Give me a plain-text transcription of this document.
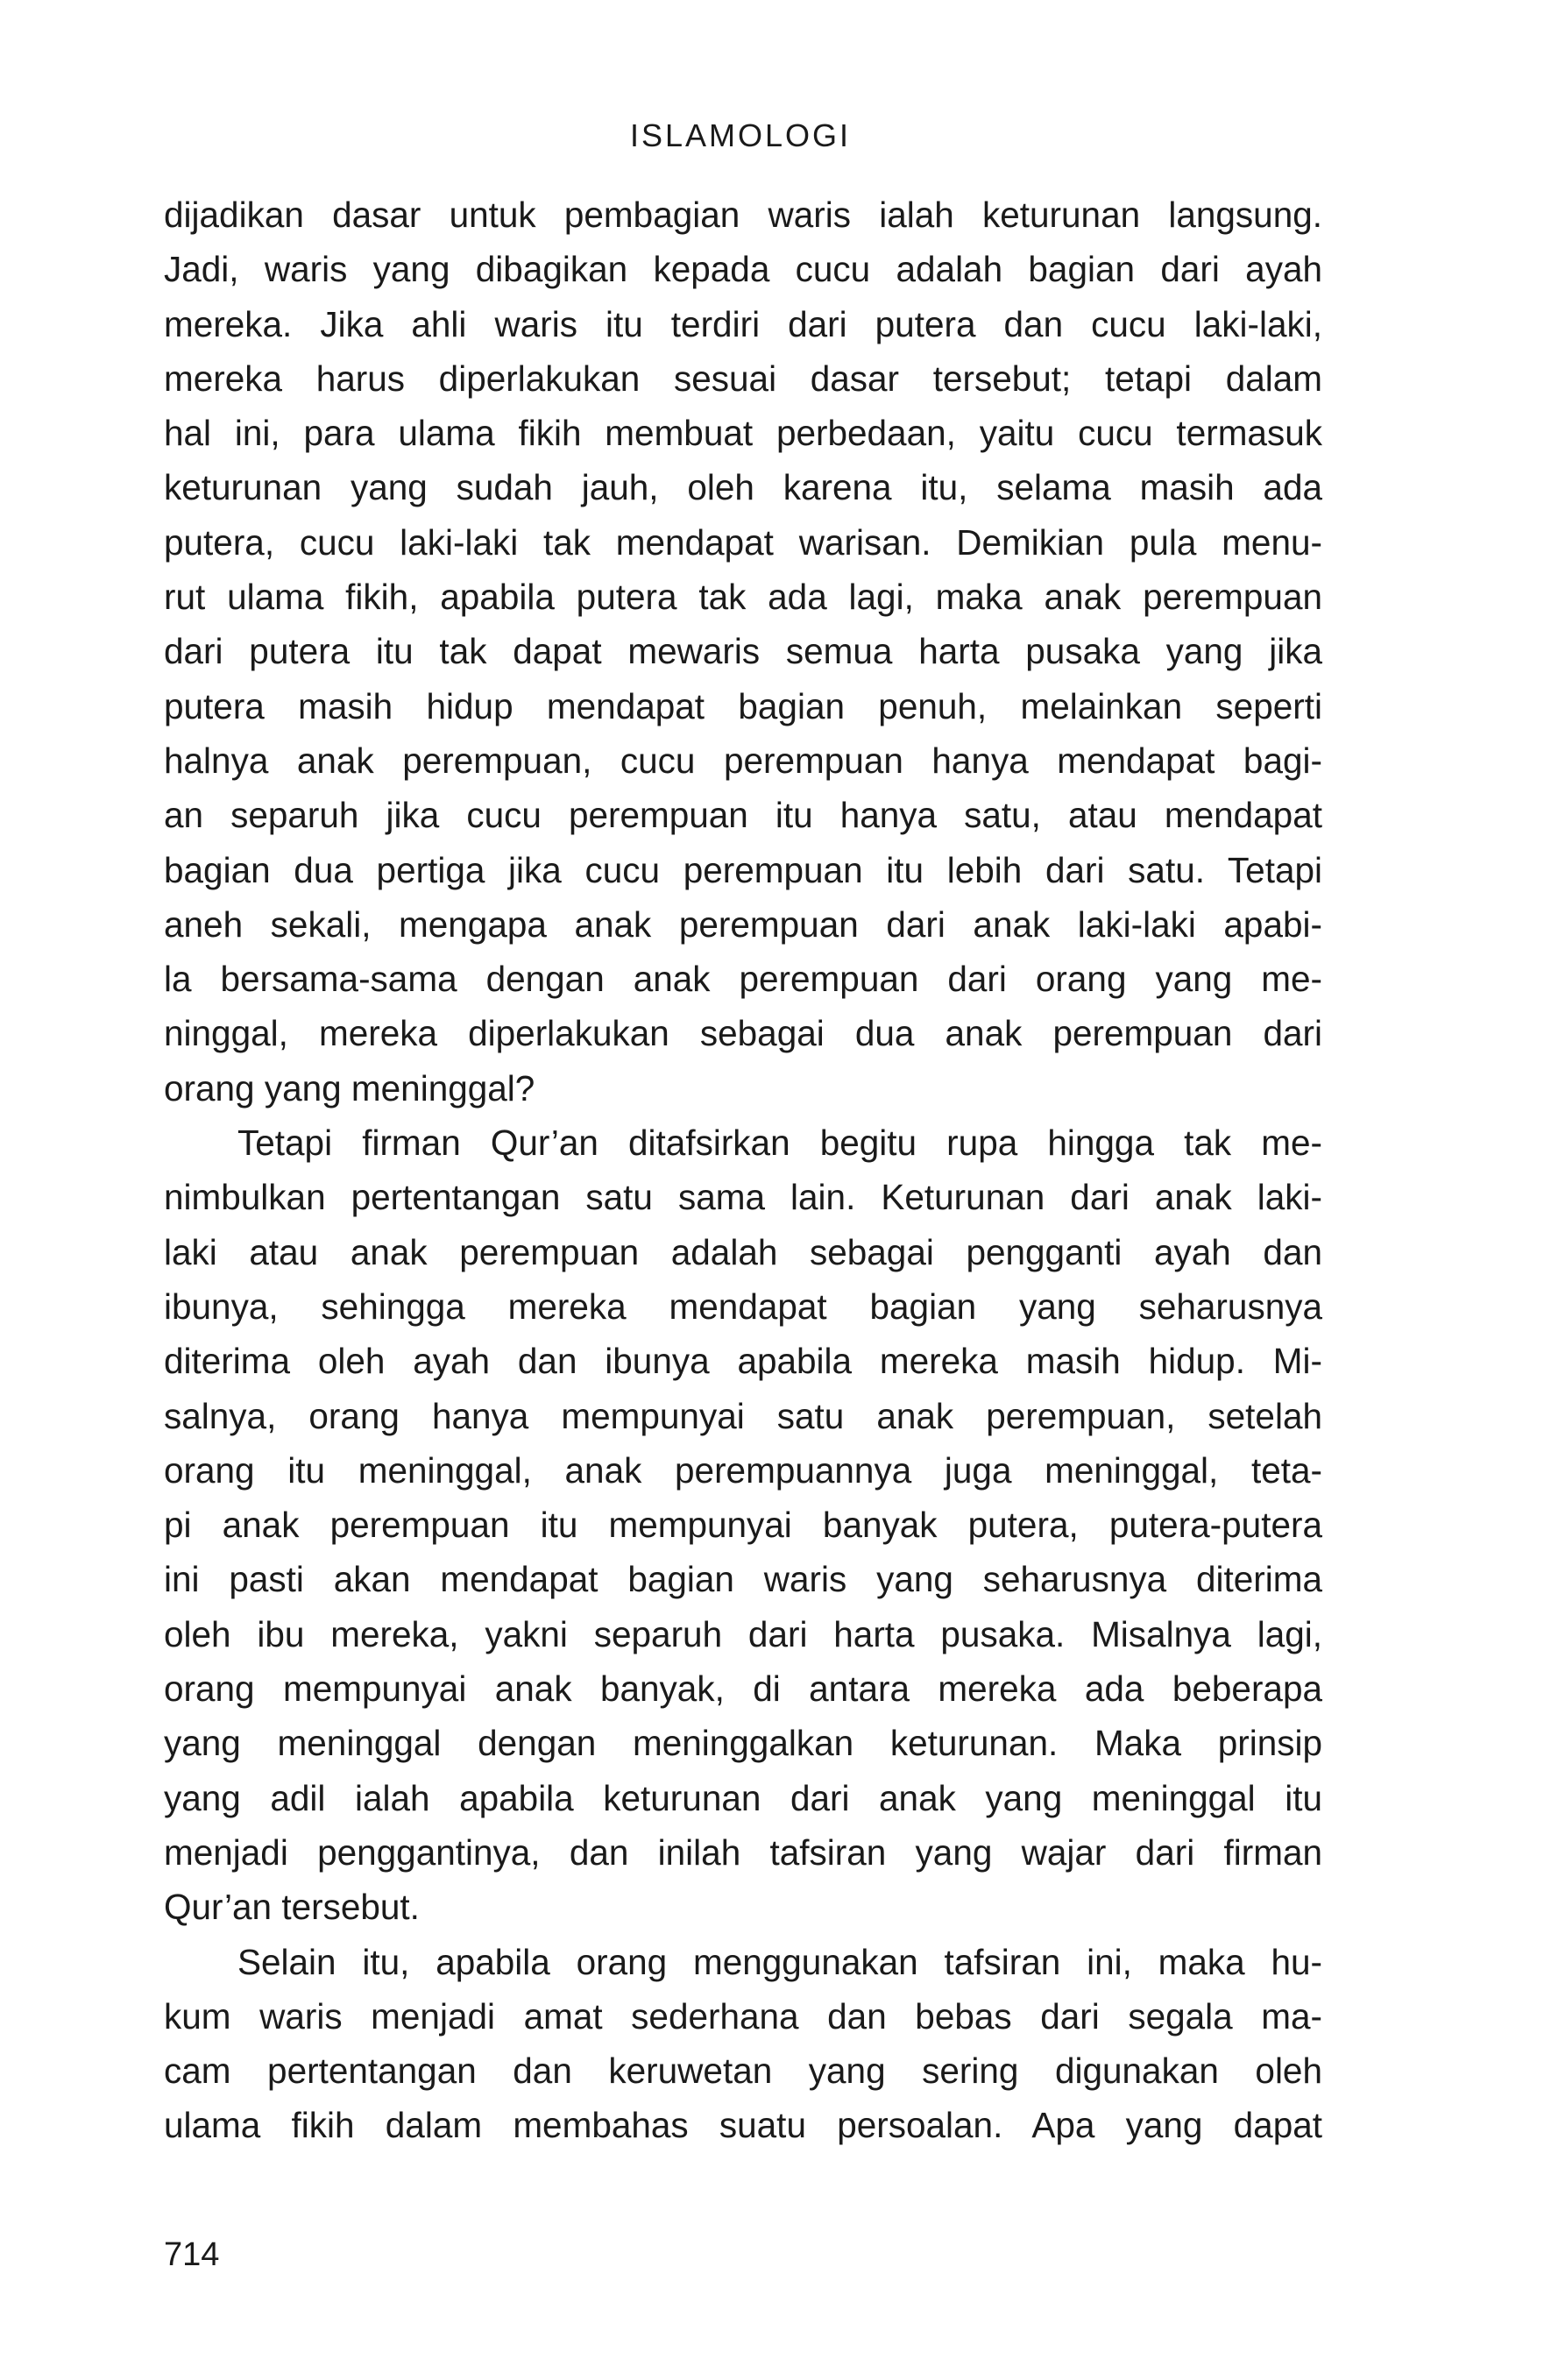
ISLAMOLOGI
dijadikan dasar untuk pembagian waris ialah keturunan langsung.
Jadi, waris yang dibagikan kepada cucu adalah bagian dari ayah
mereka. Jika ahli waris itu terdiri dari putera dan cucu laki-laki,
mereka harus diperlakukan sesuai dasar tersebut; tetapi dalam
hal ini, para ulama fikih membuat perbedaan, yaitu cucu termasuk
keturunan yang sudah jauh, oleh karena itu, selama masih ada
putera, cucu laki-laki tak mendapat warisan. Demikian pula menu-
rut ulama fikih, apabila putera tak ada lagi, maka anak perempuan
dari putera itu tak dapat mewaris semua harta pusaka yang jika
putera masih hidup mendapat bagian penuh, melainkan seperti
halnya anak perempuan, cucu perempuan hanya mendapat bagi-
an separuh jika cucu perempuan itu hanya satu, atau mendapat
bagian dua pertiga jika cucu perempuan itu lebih dari satu. Tetapi
aneh sekali, mengapa anak perempuan dari anak laki-laki apabi-
la bersama-sama dengan anak perempuan dari orang yang me-
ninggal, mereka diperlakukan sebagai dua anak perempuan dari
orang yang meninggal?
Tetapi firman Qur’an ditafsirkan begitu rupa hingga tak me-
nimbulkan pertentangan satu sama lain. Keturunan dari anak laki-
laki atau anak perempuan adalah sebagai pengganti ayah dan
ibunya, sehingga mereka mendapat bagian yang seharusnya
diterima oleh ayah dan ibunya apabila mereka masih hidup. Mi-
salnya, orang hanya mempunyai satu anak perempuan, setelah
orang itu meninggal, anak perempuannya juga meninggal, teta-
pi anak perempuan itu mempunyai banyak putera, putera-putera
ini pasti akan mendapat bagian waris yang seharusnya diterima
oleh ibu mereka, yakni separuh dari harta pusaka. Misalnya lagi,
orang mempunyai anak banyak, di antara mereka ada beberapa
yang meninggal dengan meninggalkan keturunan. Maka prinsip
yang adil ialah apabila keturunan dari anak yang meninggal itu
menjadi penggantinya, dan inilah tafsiran yang wajar dari firman
Qur’an tersebut.
Selain itu, apabila orang menggunakan tafsiran ini, maka hu-
kum waris menjadi amat sederhana dan bebas dari segala ma-
cam pertentangan dan keruwetan yang sering digunakan oleh
ulama fikih dalam membahas suatu persoalan. Apa yang dapat
714
